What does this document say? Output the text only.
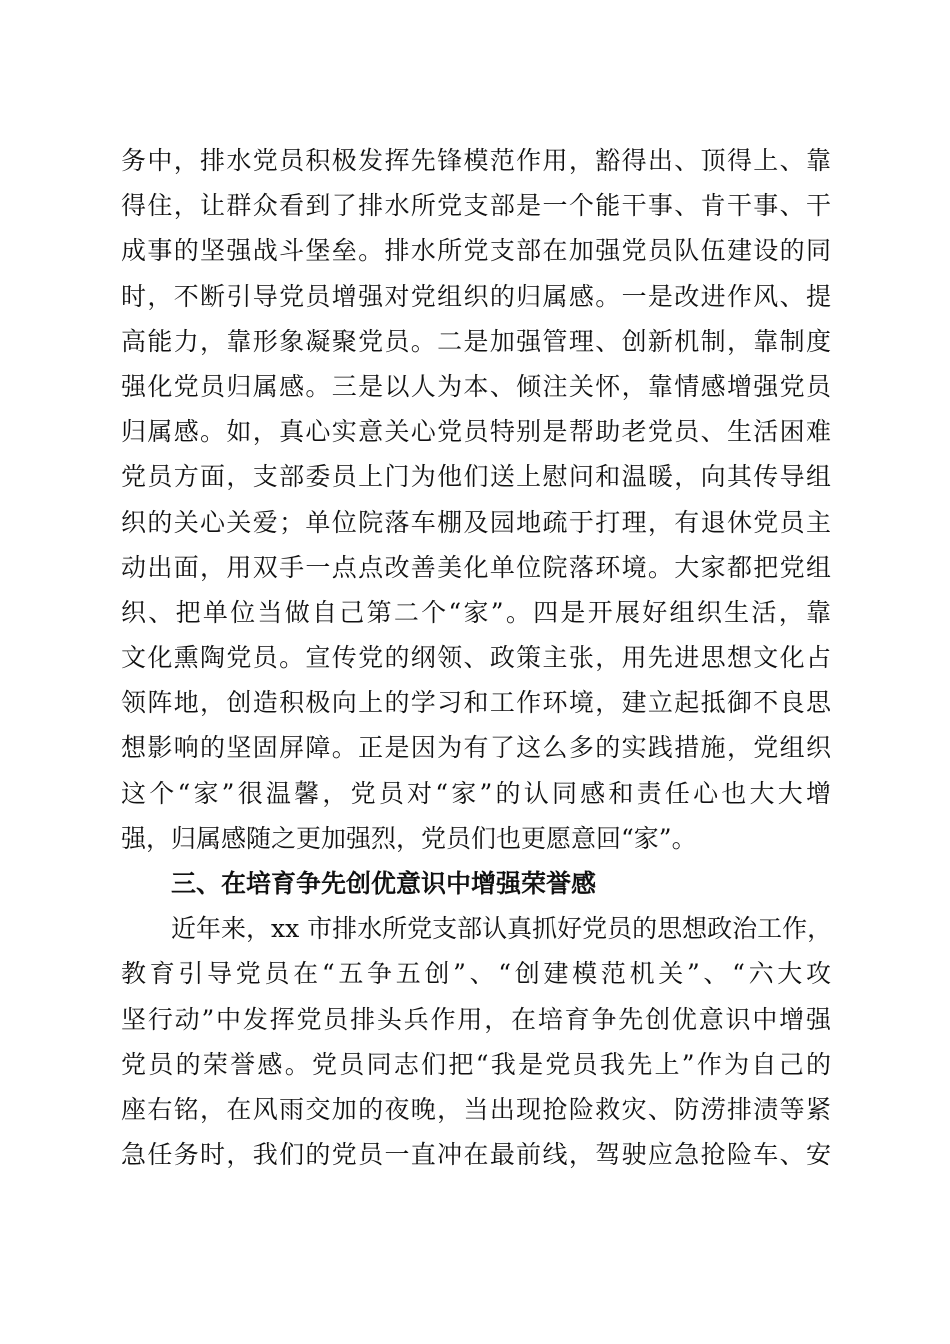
务中，排水党员积极发挥先锋模范作用，豁得出、顶得上、靠
得住，让群众看到了排水所党支部是一个能干事、肯干事、干
成事的坚强战斗堡垒。排水所党支部在加强党员队伍建设的同
时，不断引导党员增强对党组织的归属感。一是改进作风、提
高能力，靠形象凝聚党员。二是加强管理、创新机制，靠制度
强化党员归属感。三是以人为本、倾注关怀，靠情感增强党员
归属感。如，真心实意关心党员特别是帮助老党员、生活困难
党员方面，支部委员上门为他们送上慰问和温暖，向其传导组
织的关心关爱；单位院落车棚及园地疏于打理，有退休党员主
动出面，用双手一点点改善美化单位院落环境。大家都把党组
织、把单位当做自己第二个“家”。四是开展好组织生活，靠
文化熏陶党员。宣传党的纲领、政策主张，用先进思想文化占
领阵地，创造积极向上的学习和工作环境，建立起抵御不良思
想影响的坚固屏障。正是因为有了这么多的实践措施，党组织
这个“家”很温馨，党员对“家”的认同感和责任心也大大增
强，归属感随之更加强烈，党员们也更愿意回“家”。
三、在培育争先创优意识中增强荣誉感
近年来，xx 市排水所党支部认真抓好党员的思想政治工作，
教育引导党员在“五争五创”、“创建模范机关”、“六大攻
坚行动”中发挥党员排头兵作用，在培育争先创优意识中增强
党员的荣誉感。党员同志们把“我是党员我先上”作为自己的
座右铭，在风雨交加的夜晚，当出现抢险救灾、防涝排渍等紧
急任务时，我们的党员一直冲在最前线，驾驶应急抢险车、安
